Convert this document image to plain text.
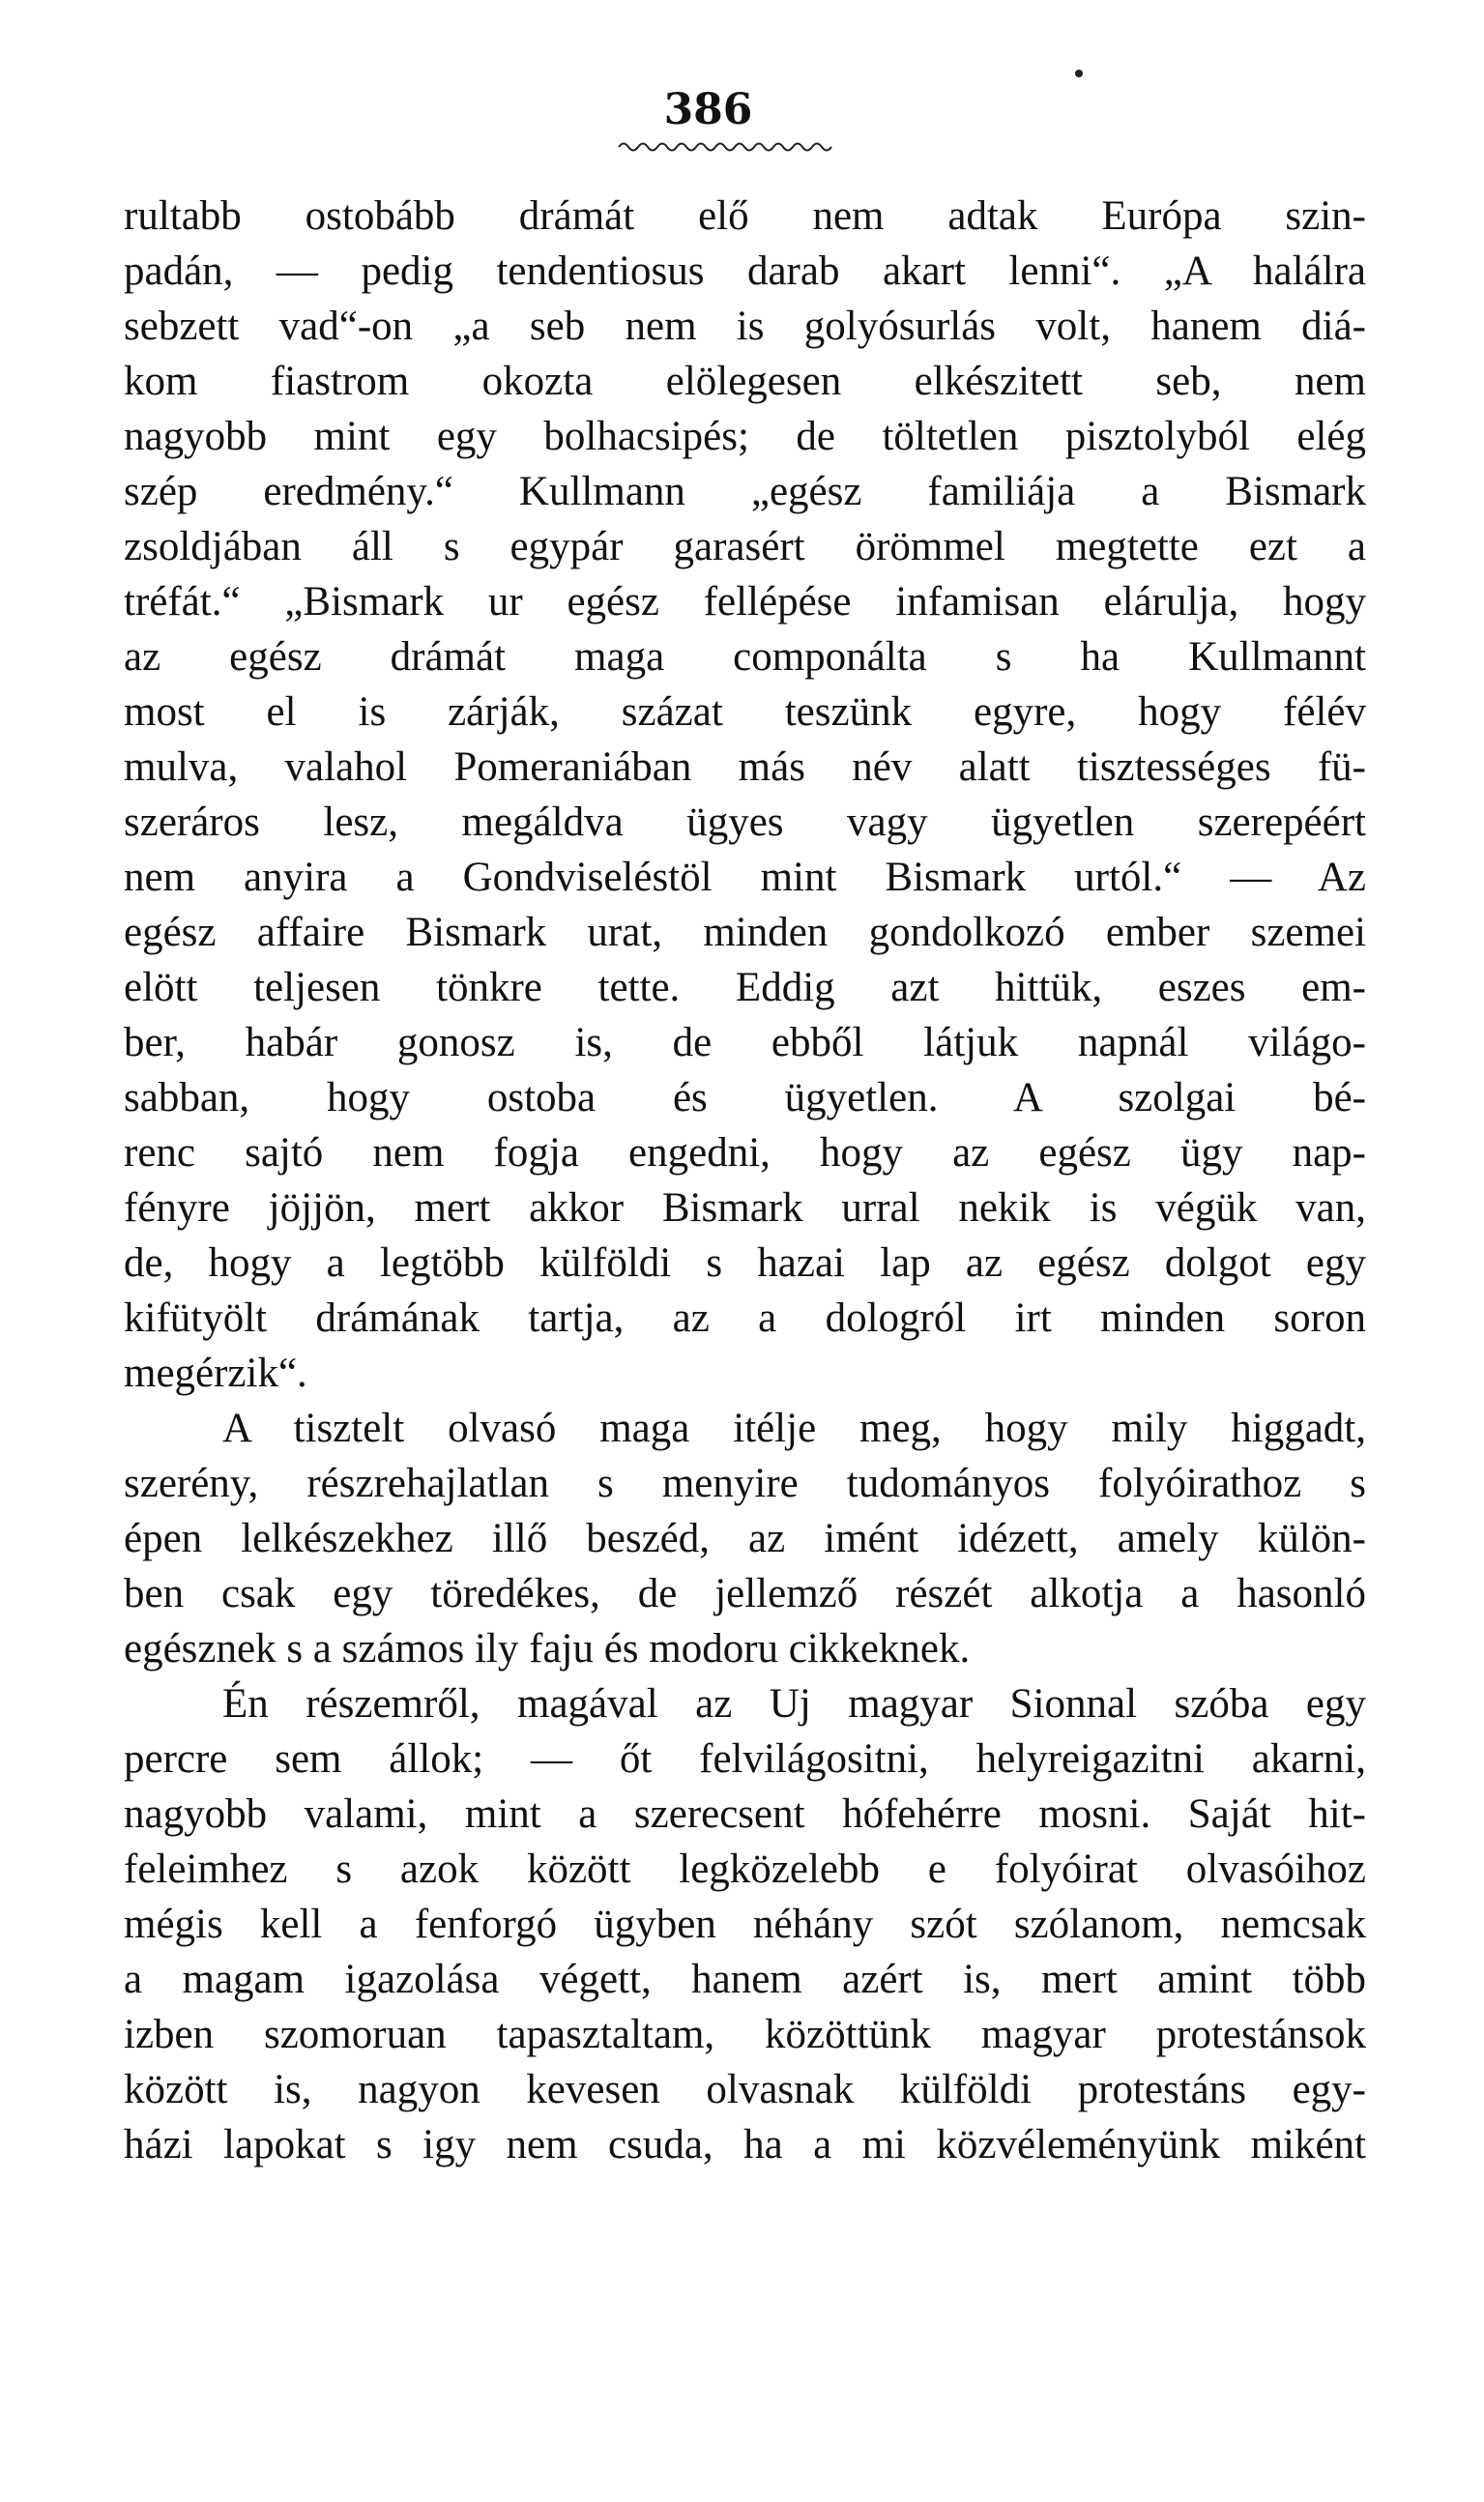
386
rultabb ostobább drámát elő nem adtak Európa szin-
padán, — pedig tendentiosus darab akart lenni“. „A halálra
sebzett vad“-on „a seb nem is golyósurlás volt, hanem diá-
kom fiastrom okozta elölegesen elkészitett seb, nem
nagyobb mint egy bolhacsipés; de töltetlen pisztolyból elég
szép eredmény.“ Kullmann „egész familiája a Bismark
zsoldjában áll s egypár garasért örömmel megtette ezt a
tréfát.“ „Bismark ur egész fellépése infamisan elárulja, hogy
az egész drámát maga componálta s ha Kullmannt
most el is zárják, százat teszünk egyre, hogy félév
mulva, valahol Pomeraniában más név alatt tisztességes fü-
szeráros lesz, megáldva ügyes vagy ügyetlen szerepéért
nem anyira a Gondviseléstöl mint Bismark urtól.“ — Az
egész affaire Bismark urat, minden gondolkozó ember szemei
elött teljesen tönkre tette. Eddig azt hittük, eszes em-
ber, habár gonosz is, de ebből látjuk napnál világo-
sabban, hogy ostoba és ügyetlen. A szolgai bé-
renc sajtó nem fogja engedni, hogy az egész ügy nap-
fényre jöjjön, mert akkor Bismark urral nekik is végük van,
de, hogy a legtöbb külföldi s hazai lap az egész dolgot egy
kifütyölt drámának tartja, az a dologról irt minden soron
megérzik“.
A tisztelt olvasó maga itélje meg, hogy mily higgadt,
szerény, részrehajlatlan s menyire tudományos folyóirathoz s
épen lelkészekhez illő beszéd, az imént idézett, amely külön-
ben csak egy töredékes, de jellemző részét alkotja a hasonló
egésznek s a számos ily faju és modoru cikkeknek.
Én részemről, magával az Uj magyar Sionnal szóba egy
percre sem állok; — őt felvilágositni, helyreigazitni akarni,
nagyobb valami, mint a szerecsent hófehérre mosni. Saját hit-
feleimhez s azok között legközelebb e folyóirat olvasóihoz
mégis kell a fenforgó ügyben néhány szót szólanom, nemcsak
a magam igazolása végett, hanem azért is, mert amint több
izben szomoruan tapasztaltam, közöttünk magyar protestánsok
között is, nagyon kevesen olvasnak külföldi protestáns egy-
házi lapokat s igy nem csuda, ha a mi közvéleményünk miként
